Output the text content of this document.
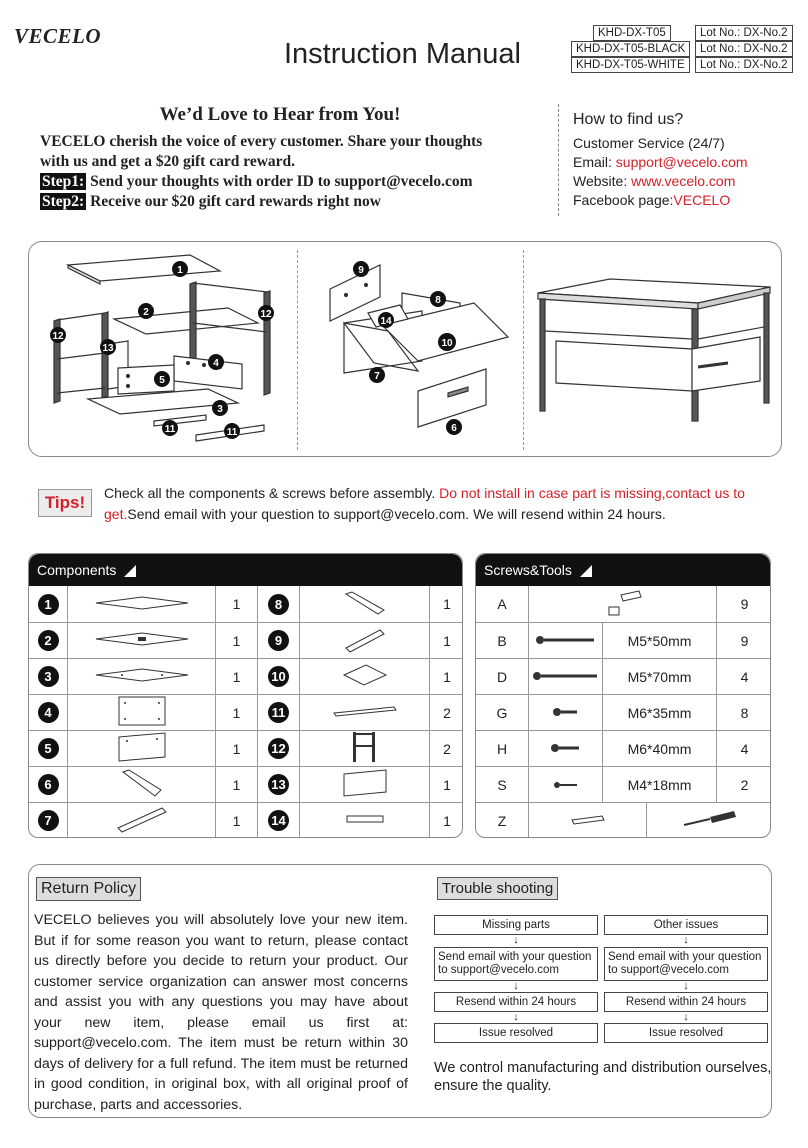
VECELO
Instruction Manual
KHD-DX-T05	Lot No.: DX-No.2
KHD-DX-T05-BLACK	Lot No.: DX-No.2
KHD-DX-T05-WHITE	Lot No.: DX-No.2
We’d Love to Hear from You!
VECELO cherish the voice of every customer. Share your thoughts
with us and get a $20 gift card reward.
Step1: Send your thoughts with order ID to support@vecelo.com
Step2: Receive our $20 gift card rewards right now
How to find us?
Customer Service (24/7)
Email: support@vecelo.com
Website: www.vecelo.com
Facebook page:VECELO
1
2
3
4
5
6
7
8
9
10
11	11
12
12
13
14
Tips!	Check all the components & screws before assembly. Do not install in case part is missing,contact us to get.Send email with your question to support@vecelo.com. We will resend within 24 hours.
Components
1	1	8	1
2	1	9	1
3	1	10	1
4	1	11	2
5	1	12	2
6	1	13	1
7	1	14	1
Screws&Tools
A	9
B	M5*50mm	9
D	M5*70mm	4
G	M6*35mm	8
H	M6*40mm	4
S	M4*18mm	2
Z
Return Policy
VECELO believes you will absolutely love your new item. But if for some reason you want to return, please contact us directly before you decide to return your product. Our customer service organization can answer most concerns and assist you with any questions you may have about your new item, please email us first at: support@vecelo.com. The item must be return within 30 days of delivery for a full refund. The item must be returned in good condition, in original box, with all original proof of purchase, parts and accessories.
Trouble shooting
Missing parts
↓
Send email with your question to support@vecelo.com
↓
Resend within 24 hours
↓
Issue resolved
Other issues
↓
Send email with your question to support@vecelo.com
↓
Resend within 24 hours
↓
Issue resolved
We control manufacturing and distribution ourselves, ensure the quality.
